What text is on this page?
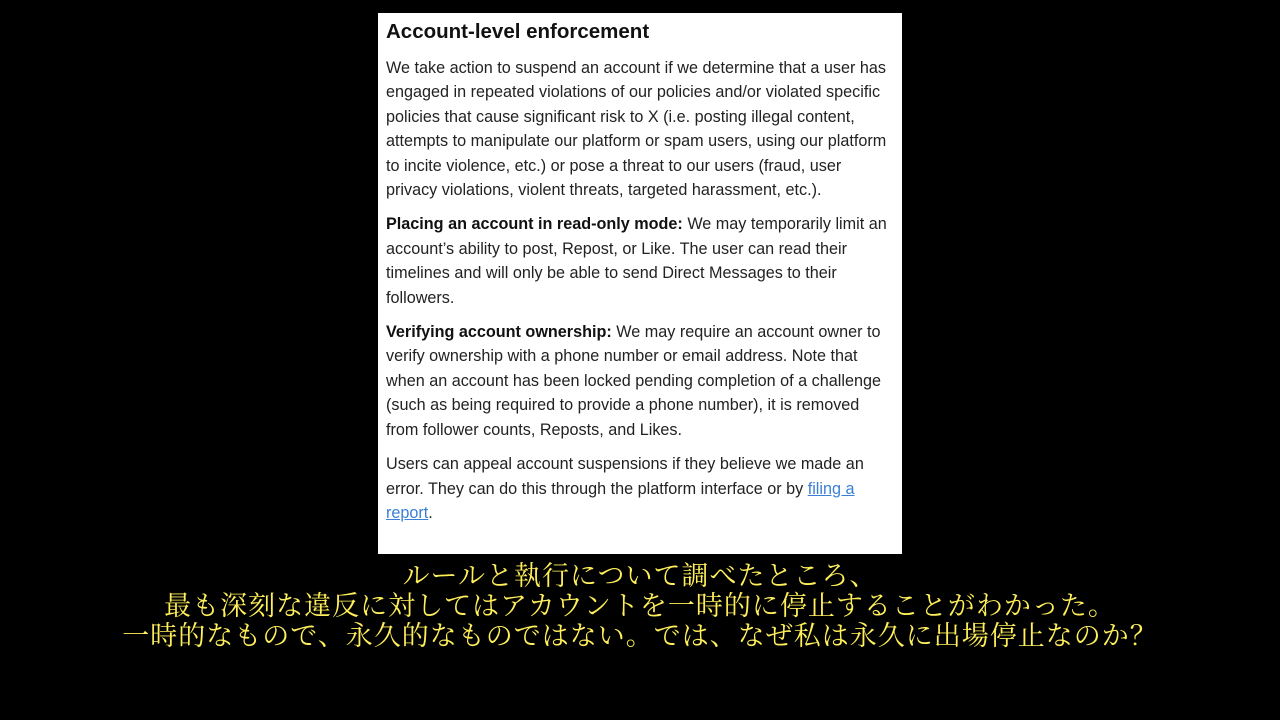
Account-level enforcement

We take action to suspend an account if we determine that a user has engaged in repeated violations of our policies and/or violated specific policies that cause significant risk to X (i.e. posting illegal content, attempts to manipulate our platform or spam users, using our platform to incite violence, etc.) or pose a threat to our users (fraud, user privacy violations, violent threats, targeted harassment, etc.).

Placing an account in read-only mode: We may temporarily limit an account’s ability to post, Repost, or Like. The user can read their timelines and will only be able to send Direct Messages to their followers.

Verifying account ownership: We may require an account owner to verify ownership with a phone number or email address. Note that when an account has been locked pending completion of a challenge (such as being required to provide a phone number), it is removed from follower counts, Reposts, and Likes.

Users can appeal account suspensions if they believe we made an error. They can do this through the platform interface or by filing a report.

ルールと執行について調べたところ、
最も深刻な違反に対してはアカウントを一時的に停止することがわかった。
一時的なもので、永久的なものではない。では、なぜ私は永久に出場停止なのか？
